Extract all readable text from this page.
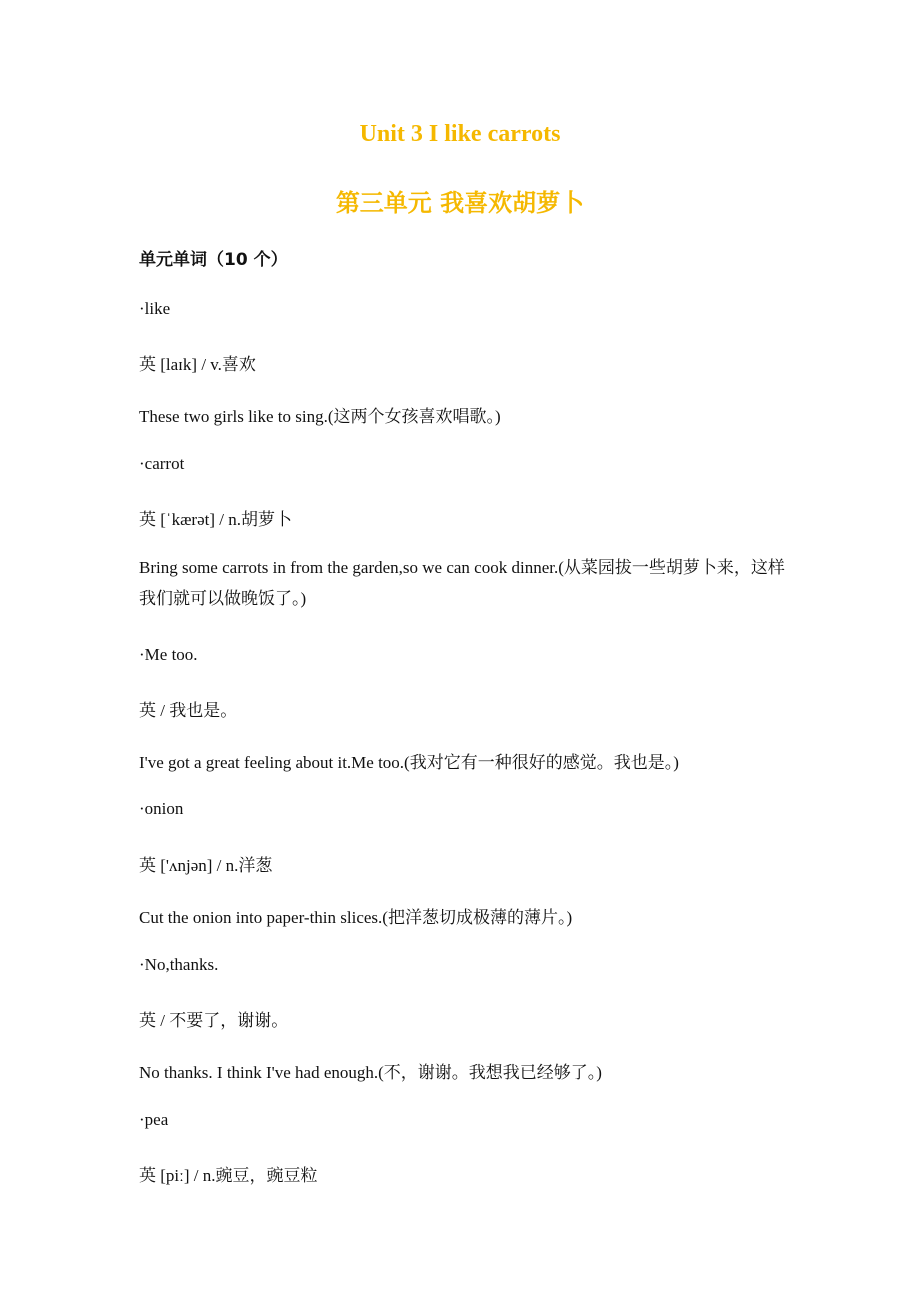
Unit 3 I like carrots
第三单元 我喜欢胡萝卜
单元单词（10 个）
·like
英 [laɪk] / v.喜欢
These two girls like to sing.(这两个女孩喜欢唱歌。)
·carrot
英 [ˈkærət] / n.胡萝卜
Bring some carrots in from the garden,so we can cook dinner.(从菜园拔一些胡萝卜来，这样我们就可以做晚饭了。)
·Me too.
英 / 我也是。
I've got a great feeling about it.Me too.(我对它有一种很好的感觉。我也是。)
·onion
英 ['ʌnjən] / n.洋葱
Cut the onion into paper-thin slices.(把洋葱切成极薄的薄片。)
·No,thanks.
英 / 不要了，谢谢。
No thanks. I think I've had enough.(不，谢谢。我想我已经够了。)
·pea
英 [piː] / n.豌豆，豌豆粒
